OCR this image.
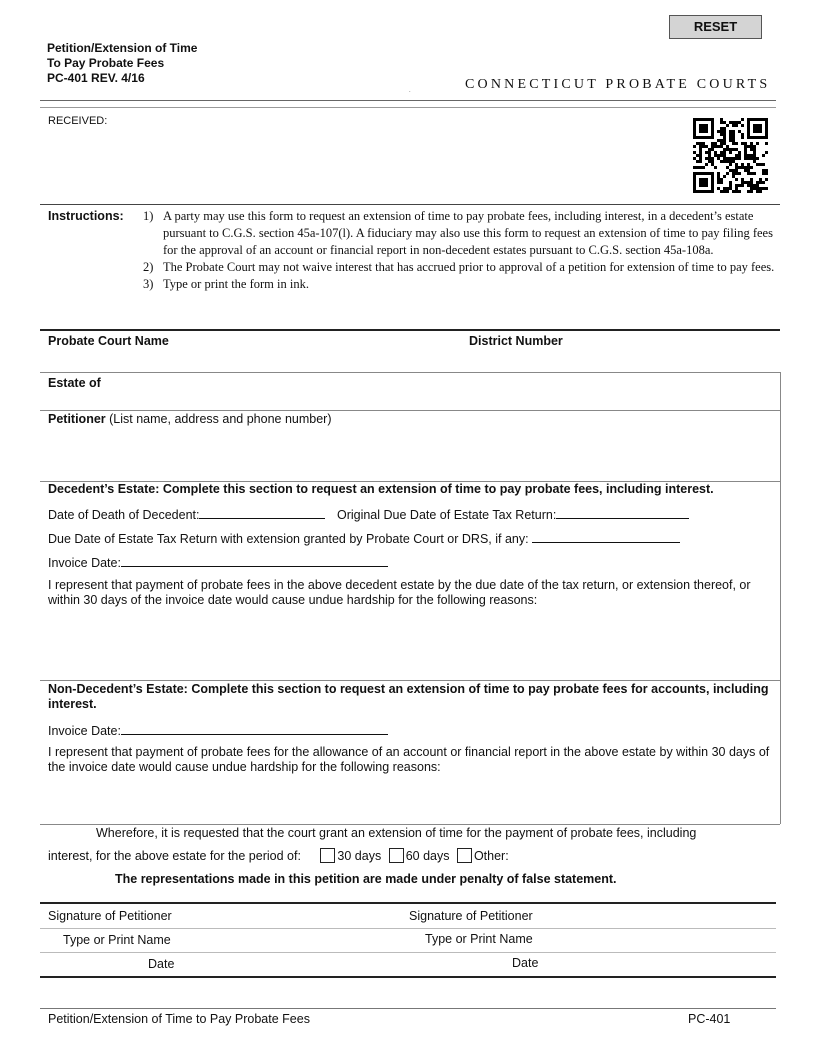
RESET
Petition/Extension of Time
To Pay Probate Fees
PC-401 REV. 4/16	CONNECTICUT PROBATE COURTS
.
RECEIVED:
Instructions: 1) A party may use this form to request an extension of time to pay probate fees, including interest, in a decedent’s estate pursuant to C.G.S. section 45a-107(l). A fiduciary may also use this form to request an extension of time to pay filing fees for the approval of an account or financial report in non-decedent estates pursuant to C.G.S. section 45a-108a.
2) The Probate Court may not waive interest that has accrued prior to approval of a petition for extension of time to pay fees.
3) Type or print the form in ink.
Probate Court Name	District Number
Estate of
Petitioner (List name, address and phone number)
Decedent’s Estate: Complete this section to request an extension of time to pay probate fees, including interest.
Date of Death of Decedent:	Original Due Date of Estate Tax Return:
Due Date of Estate Tax Return with extension granted by Probate Court or DRS, if any:
Invoice Date:
I represent that payment of probate fees in the above decedent estate by the due date of the tax return, or extension thereof, or within 30 days of the invoice date would cause undue hardship for the following reasons:
Non-Decedent’s Estate: Complete this section to request an extension of time to pay probate fees for accounts, including interest.
Invoice Date:
I represent that payment of probate fees for the allowance of an account or financial report in the above estate by within 30 days of the invoice date would cause undue hardship for the following reasons:
Wherefore, it is requested that the court grant an extension of time for the payment of probate fees, including
interest, for the above estate for the period of:	30 days 60 days Other:
The representations made in this petition are made under penalty of false statement.
Signature of Petitioner	Signature of Petitioner
Type or Print Name	Type or Print Name
Date	Date
Petition/Extension of Time to Pay Probate Fees	PC-401
